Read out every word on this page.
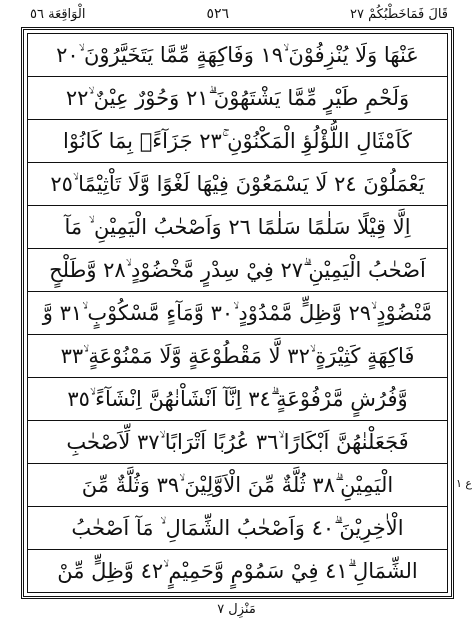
الْوَاقِعَة ٥٦	٥٢٦	قَالَ فَمَاخَطْبُكُمْ ٢٧
عَنْهَا وَلَا يُنْزِفُوْنَ ۙ١٩ وَفَاكِهَةٍ مِّمَّا يَتَخَيَّرُوْنَ ۙ٢٠
وَلَحْمِ طَيْرٍ مِّمَّا يَشْتَهُوْنَ ۗ٢١ وَحُوْرٌ عِيْنٌ ۙ٢٢
كَاَمْثَالِ اللُّؤْلُؤِ الْمَكْنُوْنِ ۚ٢٣ جَزَآءًۢ بِمَا كَانُوْا
يَعْمَلُوْنَ ٢٤ لَا يَسْمَعُوْنَ فِيْهَا لَغْوًا وَّلَا تَاْثِيْمًا ۙ٢٥
اِلَّا قِيْلًا سَلٰمًا سَلٰمًا ٢٦ وَاَصْحٰبُ الْيَمِيْنِ ۙ مَآ
اَصْحٰبُ الْيَمِيْنِ ۗ٢٧ فِيْ سِدْرٍ مَّخْضُوْدٍ ۙ٢٨ وَّطَلْحٍ
مَّنْضُوْدٍ ۙ٢٩ وَّظِلٍّ مَّمْدُوْدٍ ۙ٣٠ وَّمَآءٍ مَّسْكُوْبٍ ۙ٣١ وَّ
فَاكِهَةٍ كَثِيْرَةٍ ۙ٣٢ لَّا مَقْطُوْعَةٍ وَّلَا مَمْنُوْعَةٍ ۙ٣٣
وَّفُرُشٍ مَّرْفُوْعَةٍ ۗ٣٤ اِنَّآ اَنْشَاْنٰهُنَّ اِنْشَآءً ۙ٣٥
فَجَعَلْنٰهُنَّ اَبْكَارًا ۙ٣٦ عُرُبًا اَتْرَابًا ۙ٣٧ لِّاَصْحٰبِ
الْيَمِيْنِ ۗ٣٨ ثُلَّةٌ مِّنَ الْاَوَّلِيْنَ ۙ٣٩ وَثُلَّةٌ مِّنَ
الْاٰخِرِيْنَ ۗ٤٠ وَاَصْحٰبُ الشِّمَالِ ۙ مَآ اَصْحٰبُ
الشِّمَالِ ۗ٤١ فِيْ سَمُوْمٍ وَّحَمِيْمٍ ۙ٤٢ وَّظِلٍّ مِّنْ
ع ١
مَنْزِل ٧
